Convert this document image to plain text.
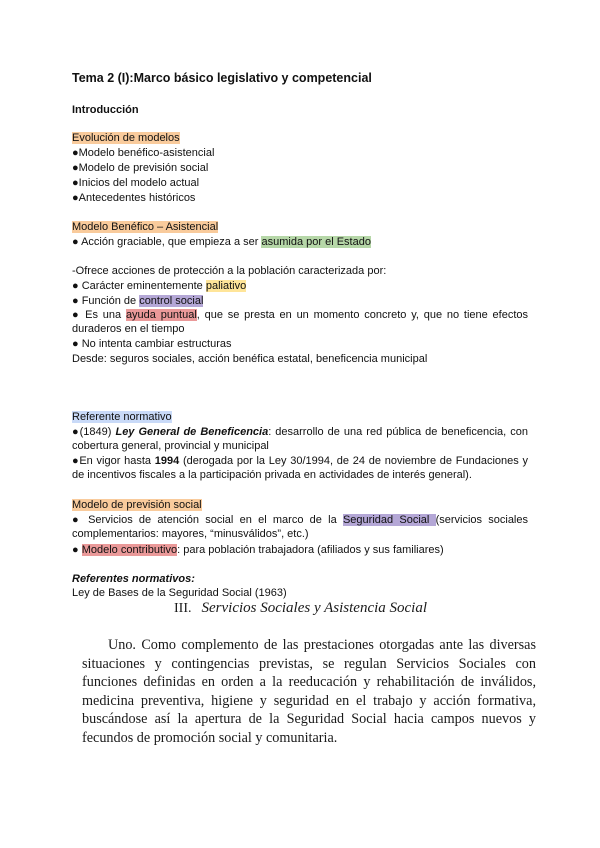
Tema 2 (I):Marco básico legislativo y competencial
Introducción
Evolución de modelos
●Modelo benéfico-asistencial
●Modelo de previsión social
●Inicios del modelo actual
●Antecedentes históricos
Modelo Benéfico – Asistencial
● Acción graciable, que empieza a ser asumida por el Estado
-Ofrece acciones de protección a la población caracterizada por:
● Carácter eminentemente paliativo
● Función de control social
● Es una ayuda puntual, que se presta en un momento concreto y, que no tiene efectos duraderos en el tiempo
● No intenta cambiar estructuras
Desde: seguros sociales, acción benéfica estatal, beneficencia municipal
Referente normativo
●(1849) Ley General de Beneficencia: desarrollo de una red pública de beneficencia, con cobertura general, provincial y municipal
●En vigor hasta 1994 (derogada por la Ley 30/1994, de 24 de noviembre de Fundaciones y de incentivos fiscales a la participación privada en actividades de interés general).
Modelo de previsión social
● Servicios de atención social en el marco de la Seguridad Social (servicios sociales complementarios: mayores, “minusválidos”, etc.)
● Modelo contributivo: para población trabajadora (afiliados y sus familiares)
Referentes normativos:
Ley de Bases de la Seguridad Social (1963)
III. Servicios Sociales y Asistencia Social
Uno. Como complemento de las prestaciones otorgadas ante las diversas situaciones y contingencias previstas, se regulan Servicios Sociales con funciones definidas en orden a la reeducación y rehabilitación de inválidos, medicina preventiva, higiene y seguridad en el trabajo y acción formativa, buscándose así la apertura de la Seguridad Social hacia campos nuevos y fecundos de promoción social y comunitaria.
